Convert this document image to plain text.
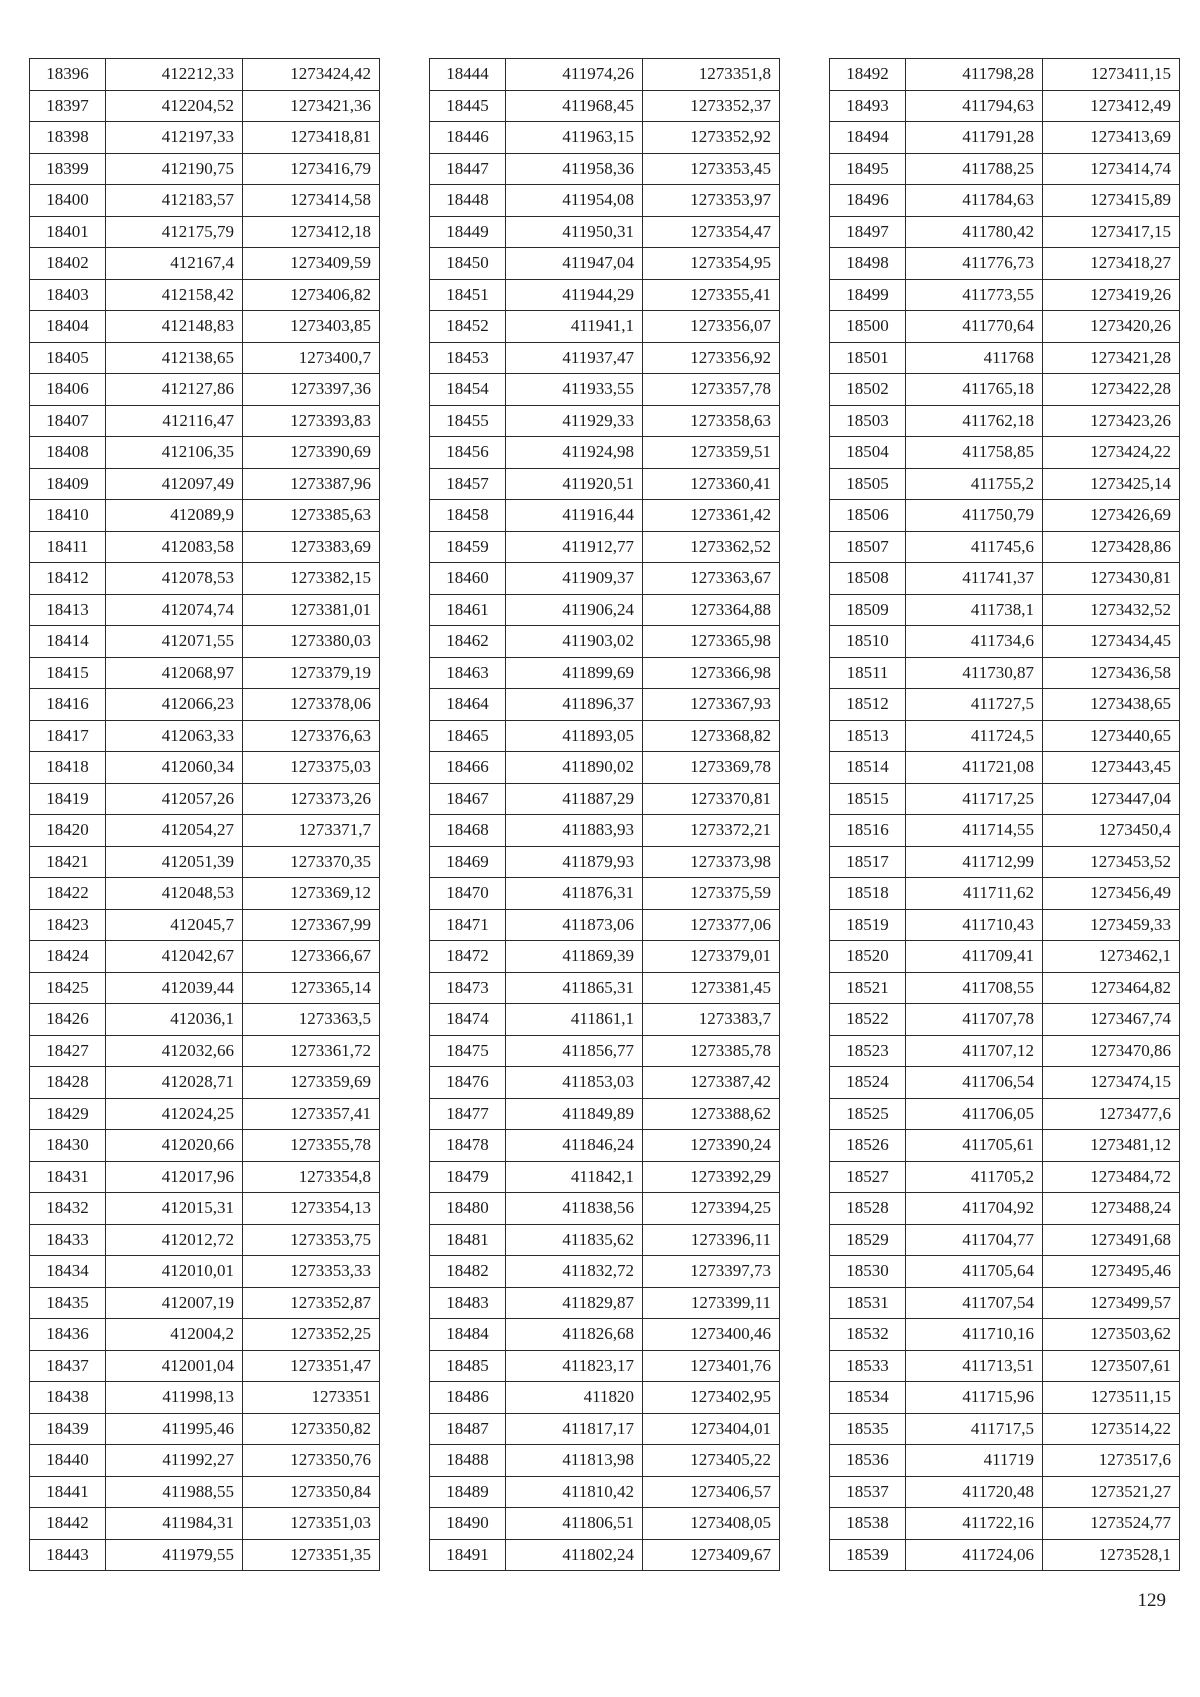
18396	412212,33	1273424,42
18397	412204,52	1273421,36
18398	412197,33	1273418,81
18399	412190,75	1273416,79
18400	412183,57	1273414,58
18401	412175,79	1273412,18
18402	412167,4	1273409,59
18403	412158,42	1273406,82
18404	412148,83	1273403,85
18405	412138,65	1273400,7
18406	412127,86	1273397,36
18407	412116,47	1273393,83
18408	412106,35	1273390,69
18409	412097,49	1273387,96
18410	412089,9	1273385,63
18411	412083,58	1273383,69
18412	412078,53	1273382,15
18413	412074,74	1273381,01
18414	412071,55	1273380,03
18415	412068,97	1273379,19
18416	412066,23	1273378,06
18417	412063,33	1273376,63
18418	412060,34	1273375,03
18419	412057,26	1273373,26
18420	412054,27	1273371,7
18421	412051,39	1273370,35
18422	412048,53	1273369,12
18423	412045,7	1273367,99
18424	412042,67	1273366,67
18425	412039,44	1273365,14
18426	412036,1	1273363,5
18427	412032,66	1273361,72
18428	412028,71	1273359,69
18429	412024,25	1273357,41
18430	412020,66	1273355,78
18431	412017,96	1273354,8
18432	412015,31	1273354,13
18433	412012,72	1273353,75
18434	412010,01	1273353,33
18435	412007,19	1273352,87
18436	412004,2	1273352,25
18437	412001,04	1273351,47
18438	411998,13	1273351
18439	411995,46	1273350,82
18440	411992,27	1273350,76
18441	411988,55	1273350,84
18442	411984,31	1273351,03
18443	411979,55	1273351,35
18444	411974,26	1273351,8
18445	411968,45	1273352,37
18446	411963,15	1273352,92
18447	411958,36	1273353,45
18448	411954,08	1273353,97
18449	411950,31	1273354,47
18450	411947,04	1273354,95
18451	411944,29	1273355,41
18452	411941,1	1273356,07
18453	411937,47	1273356,92
18454	411933,55	1273357,78
18455	411929,33	1273358,63
18456	411924,98	1273359,51
18457	411920,51	1273360,41
18458	411916,44	1273361,42
18459	411912,77	1273362,52
18460	411909,37	1273363,67
18461	411906,24	1273364,88
18462	411903,02	1273365,98
18463	411899,69	1273366,98
18464	411896,37	1273367,93
18465	411893,05	1273368,82
18466	411890,02	1273369,78
18467	411887,29	1273370,81
18468	411883,93	1273372,21
18469	411879,93	1273373,98
18470	411876,31	1273375,59
18471	411873,06	1273377,06
18472	411869,39	1273379,01
18473	411865,31	1273381,45
18474	411861,1	1273383,7
18475	411856,77	1273385,78
18476	411853,03	1273387,42
18477	411849,89	1273388,62
18478	411846,24	1273390,24
18479	411842,1	1273392,29
18480	411838,56	1273394,25
18481	411835,62	1273396,11
18482	411832,72	1273397,73
18483	411829,87	1273399,11
18484	411826,68	1273400,46
18485	411823,17	1273401,76
18486	411820	1273402,95
18487	411817,17	1273404,01
18488	411813,98	1273405,22
18489	411810,42	1273406,57
18490	411806,51	1273408,05
18491	411802,24	1273409,67
18492	411798,28	1273411,15
18493	411794,63	1273412,49
18494	411791,28	1273413,69
18495	411788,25	1273414,74
18496	411784,63	1273415,89
18497	411780,42	1273417,15
18498	411776,73	1273418,27
18499	411773,55	1273419,26
18500	411770,64	1273420,26
18501	411768	1273421,28
18502	411765,18	1273422,28
18503	411762,18	1273423,26
18504	411758,85	1273424,22
18505	411755,2	1273425,14
18506	411750,79	1273426,69
18507	411745,6	1273428,86
18508	411741,37	1273430,81
18509	411738,1	1273432,52
18510	411734,6	1273434,45
18511	411730,87	1273436,58
18512	411727,5	1273438,65
18513	411724,5	1273440,65
18514	411721,08	1273443,45
18515	411717,25	1273447,04
18516	411714,55	1273450,4
18517	411712,99	1273453,52
18518	411711,62	1273456,49
18519	411710,43	1273459,33
18520	411709,41	1273462,1
18521	411708,55	1273464,82
18522	411707,78	1273467,74
18523	411707,12	1273470,86
18524	411706,54	1273474,15
18525	411706,05	1273477,6
18526	411705,61	1273481,12
18527	411705,2	1273484,72
18528	411704,92	1273488,24
18529	411704,77	1273491,68
18530	411705,64	1273495,46
18531	411707,54	1273499,57
18532	411710,16	1273503,62
18533	411713,51	1273507,61
18534	411715,96	1273511,15
18535	411717,5	1273514,22
18536	411719	1273517,6
18537	411720,48	1273521,27
18538	411722,16	1273524,77
18539	411724,06	1273528,1
129
